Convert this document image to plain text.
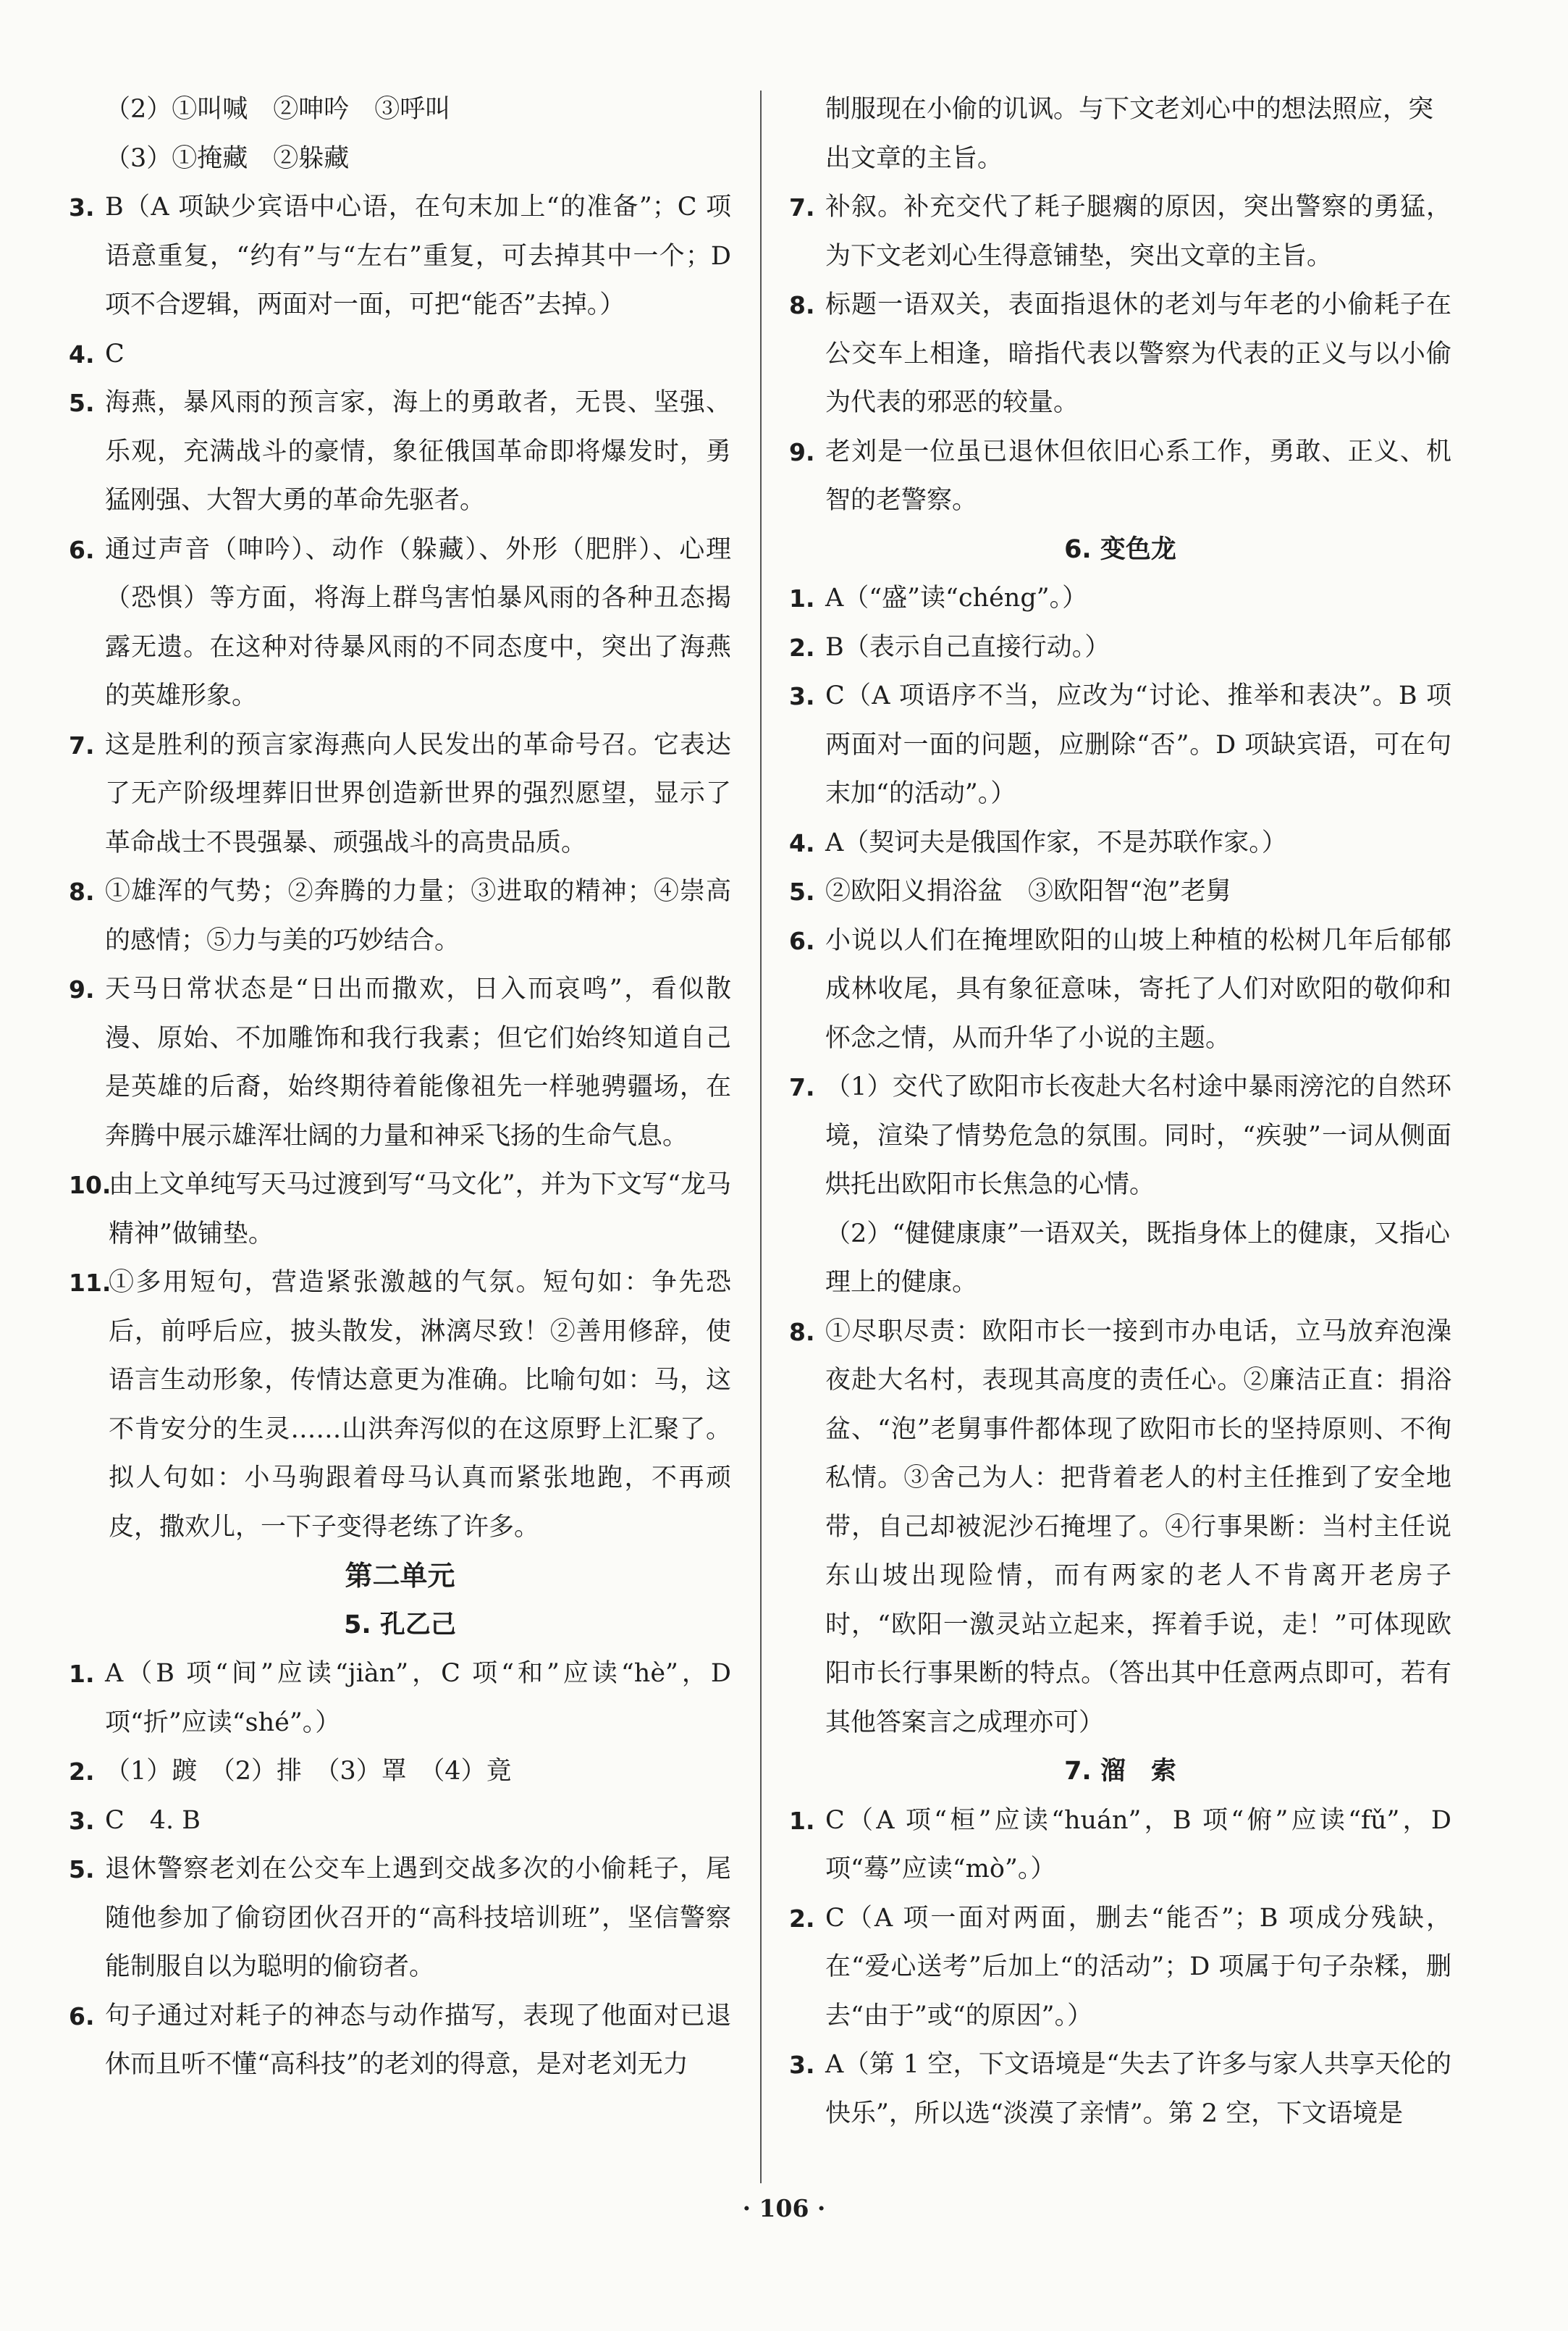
（2）①叫喊　②呻吟　③呼叫
（3）①掩藏　②躲藏
3. B（A 项缺少宾语中心语，在句末加上“的准备”；C 项语意重复，“约有”与“左右”重复，可去掉其中一个；D 项不合逻辑，两面对一面，可把“能否”去掉。）
4. C
5. 海燕，暴风雨的预言家，海上的勇敢者，无畏、坚强、乐观，充满战斗的豪情，象征俄国革命即将爆发时，勇猛刚强、大智大勇的革命先驱者。
6. 通过声音（呻吟）、动作（躲藏）、外形（肥胖）、心理（恐惧）等方面，将海上群鸟害怕暴风雨的各种丑态揭露无遗。在这种对待暴风雨的不同态度中，突出了海燕的英雄形象。
7. 这是胜利的预言家海燕向人民发出的革命号召。它表达了无产阶级埋葬旧世界创造新世界的强烈愿望，显示了革命战士不畏强暴、顽强战斗的高贵品质。
8. ①雄浑的气势；②奔腾的力量；③进取的精神；④崇高的感情；⑤力与美的巧妙结合。
9. 天马日常状态是“日出而撒欢，日入而哀鸣”，看似散漫、原始、不加雕饰和我行我素；但它们始终知道自己是英雄的后裔，始终期待着能像祖先一样驰骋疆场，在奔腾中展示雄浑壮阔的力量和神采飞扬的生命气息。
10.
由上文单纯写天马过渡到写“马文化”，并为下文写“龙马精神”做铺垫。
11.
①多用短句，营造紧张激越的气氛。短句如：争先恐后，前呼后应，披头散发，淋漓尽致！②善用修辞，使语言生动形象，传情达意更为准确。比喻句如：马，这不肯安分的生灵……山洪奔泻似的在这原野上汇聚了。拟人句如：小马驹跟着母马认真而紧张地跑，不再顽皮，撒欢儿，一下子变得老练了许多。
第二单元
5. 孔乙己
1. A（B 项“间”应读“jiàn”，C 项“和”应读“hè”，D 项“折”应读“shé”。）
2. （1）踱　（2）排　（3）罩　（4）竟
3. C　4. B
5. 退休警察老刘在公交车上遇到交战多次的小偷耗子，尾随他参加了偷窃团伙召开的“高科技培训班”，坚信警察能制服自以为聪明的偷窃者。
6. 句子通过对耗子的神态与动作描写，表现了他面对已退休而且听不懂“高科技”的老刘的得意，是对老刘无力
制服现在小偷的讥讽。与下文老刘心中的想法照应，突出文章的主旨。
7. 补叙。补充交代了耗子腿瘸的原因，突出警察的勇猛，为下文老刘心生得意铺垫，突出文章的主旨。
8. 标题一语双关，表面指退休的老刘与年老的小偷耗子在公交车上相逢，暗指代表以警察为代表的正义与以小偷为代表的邪恶的较量。
9. 老刘是一位虽已退休但依旧心系工作，勇敢、正义、机智的老警察。
6. 变色龙
1. A（“盛”读“chéng”。）
2. B（表示自己直接行动。）
3. C（A 项语序不当，应改为“讨论、推举和表决”。B 项两面对一面的问题，应删除“否”。D 项缺宾语，可在句末加“的活动”。）
4. A（契诃夫是俄国作家，不是苏联作家。）
5. ②欧阳义捐浴盆　③欧阳智“泡”老舅
6. 小说以人们在掩埋欧阳的山坡上种植的松树几年后郁郁成林收尾，具有象征意味，寄托了人们对欧阳的敬仰和怀念之情，从而升华了小说的主题。
7. （1）交代了欧阳市长夜赴大名村途中暴雨滂沱的自然环境，渲染了情势危急的氛围。同时，“疾驶”一词从侧面烘托出欧阳市长焦急的心情。
（2）“健健康康”一语双关，既指身体上的健康，又指心理上的健康。
8. ①尽职尽责：欧阳市长一接到市办电话，立马放弃泡澡夜赴大名村，表现其高度的责任心。②廉洁正直：捐浴盆、“泡”老舅事件都体现了欧阳市长的坚持原则、不徇私情。③舍己为人：把背着老人的村主任推到了安全地带，自己却被泥沙石掩埋了。④行事果断：当村主任说东山坡出现险情，而有两家的老人不肯离开老房子时，“欧阳一激灵站立起来，挥着手说，走！”可体现欧阳市长行事果断的特点。（答出其中任意两点即可，若有其他答案言之成理亦可）
7. 溜　索
1. C（A 项“桓”应读“huán”，B 项“俯”应读“fǔ”，D 项“蓦”应读“mò”。）
2. C（A 项一面对两面，删去“能否”；B 项成分残缺，在“爱心送考”后加上“的活动”；D 项属于句子杂糅，删去“由于”或“的原因”。）
3. A（第 1 空，下文语境是“失去了许多与家人共享天伦的快乐”，所以选“淡漠了亲情”。第 2 空，下文语境是
· 106 ·
